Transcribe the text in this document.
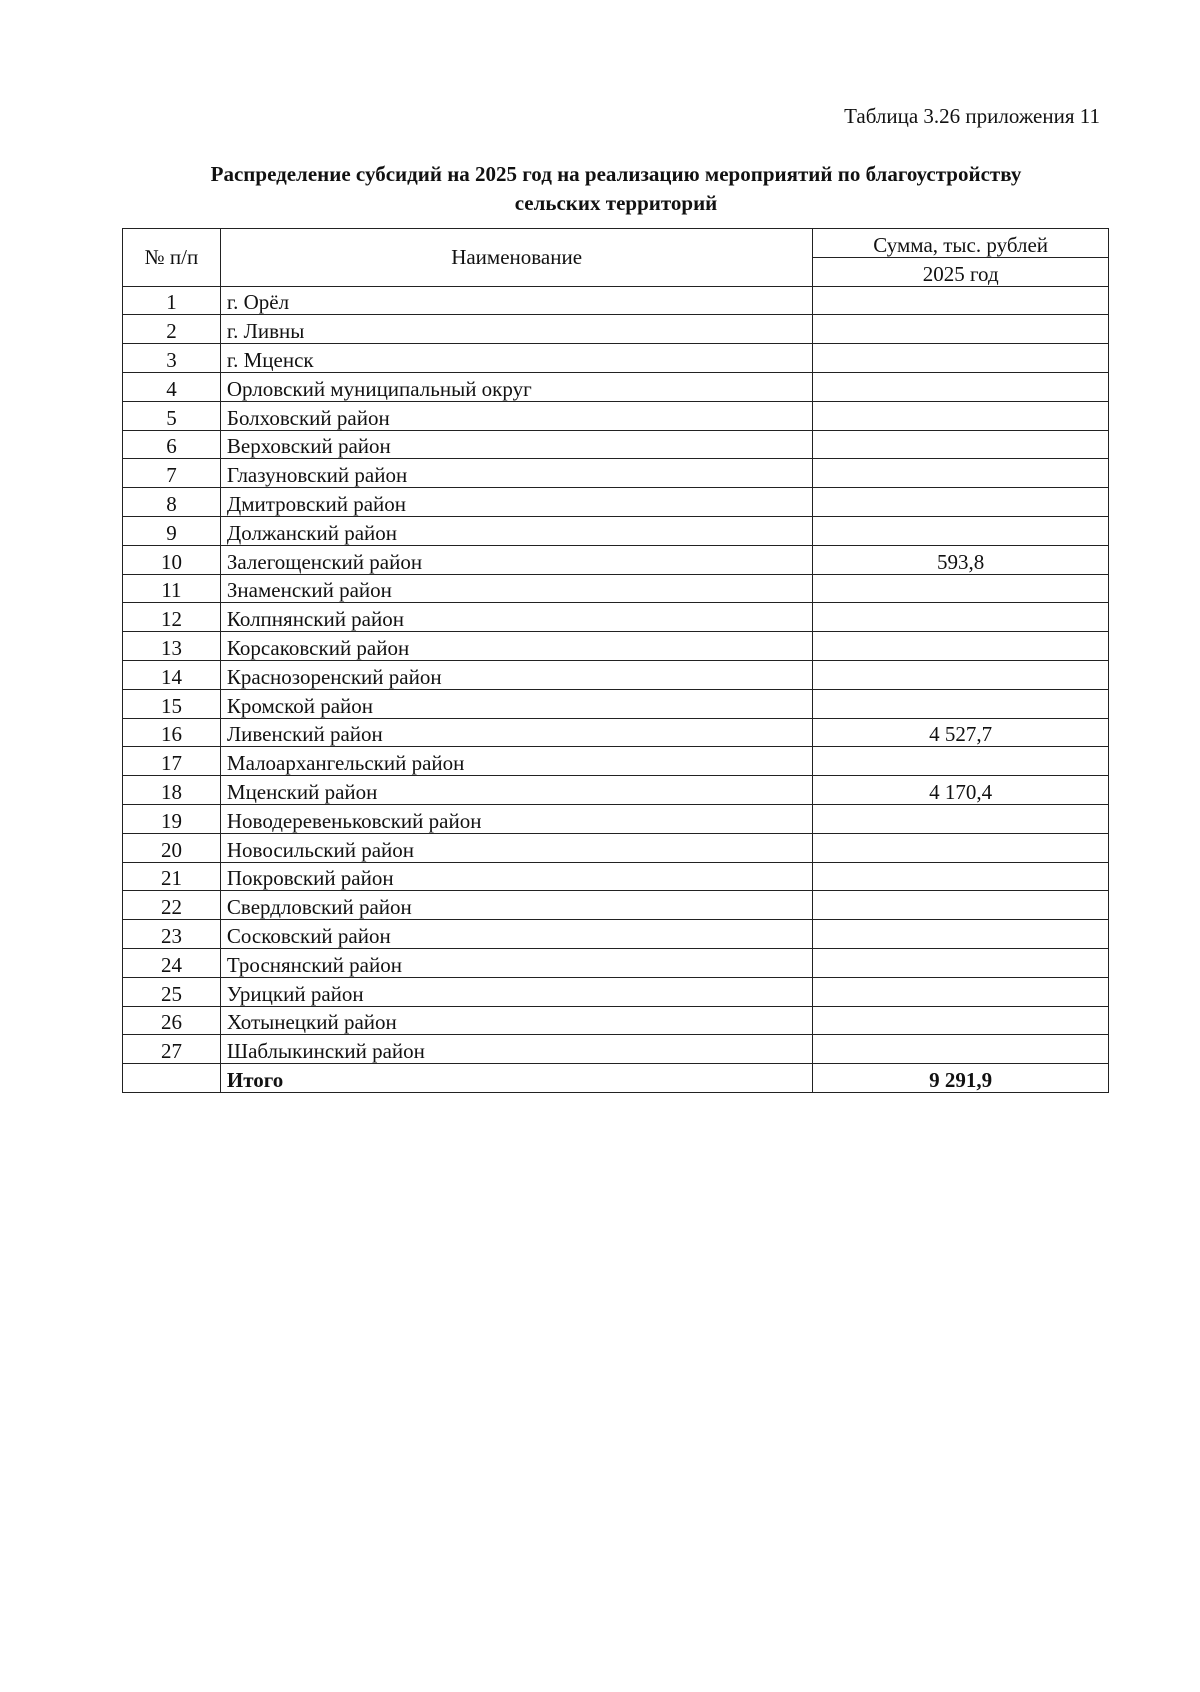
Таблица 3.26 приложения 11
Распределение субсидий на 2025 год на реализацию мероприятий по благоустройству
сельских территорий
№ п/п	Наименование	Сумма, тыс. рублей
		2025 год
1	г. Орёл	
2	г. Ливны	
3	г. Мценск	
4	Орловский муниципальный округ	
5	Болховский район	
6	Верховский район	
7	Глазуновский район	
8	Дмитровский район	
9	Должанский район	
10	Залегощенский район	593,8
11	Знаменский район	
12	Колпнянский район	
13	Корсаковский район	
14	Краснозоренский район	
15	Кромской район	
16	Ливенский район	4 527,7
17	Малоархангельский район	
18	Мценский район	4 170,4
19	Новодеревеньковский район	
20	Новосильский район	
21	Покровский район	
22	Свердловский район	
23	Сосковский район	
24	Троснянский район	
25	Урицкий район	
26	Хотынецкий район	
27	Шаблыкинский район	
	Итого	9 291,9
